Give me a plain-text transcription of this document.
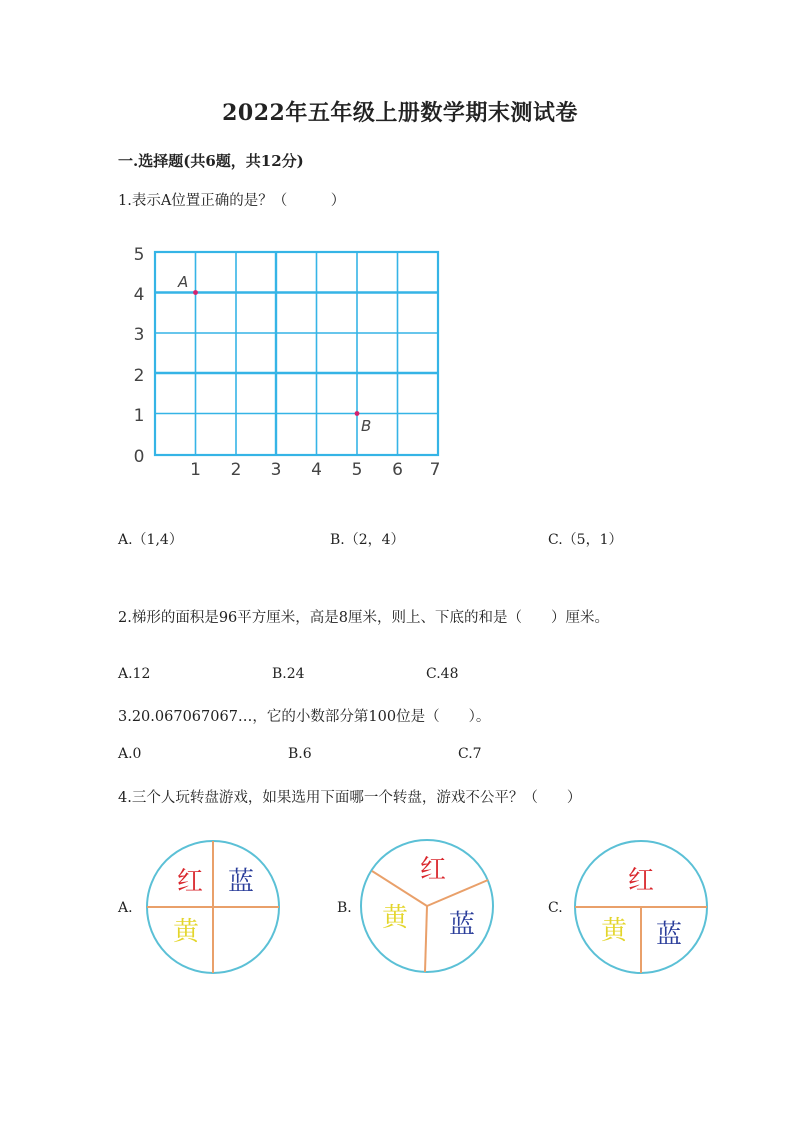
2022年五年级上册数学期末测试卷
一.选择题(共6题，共12分)
1.表示A位置正确的是？（　　　）
5
4
3
2
1
0
1 2 3 4 5 6 7
A
B
A.（1,4）	B.（2，4）	C.（5，1）
2.梯形的面积是96平方厘米，高是8厘米，则上、下底的和是（　　）厘米。
A.12	B.24	C.48
3.20.067067067…，它的小数部分第100位是（　　）。
A.0	B.6	C.7
4.三个人玩转盘游戏，如果选用下面哪一个转盘，游戏不公平？（　　）
A.
红 蓝
黄
B.
红
黄 蓝
C.
红
黄 蓝
